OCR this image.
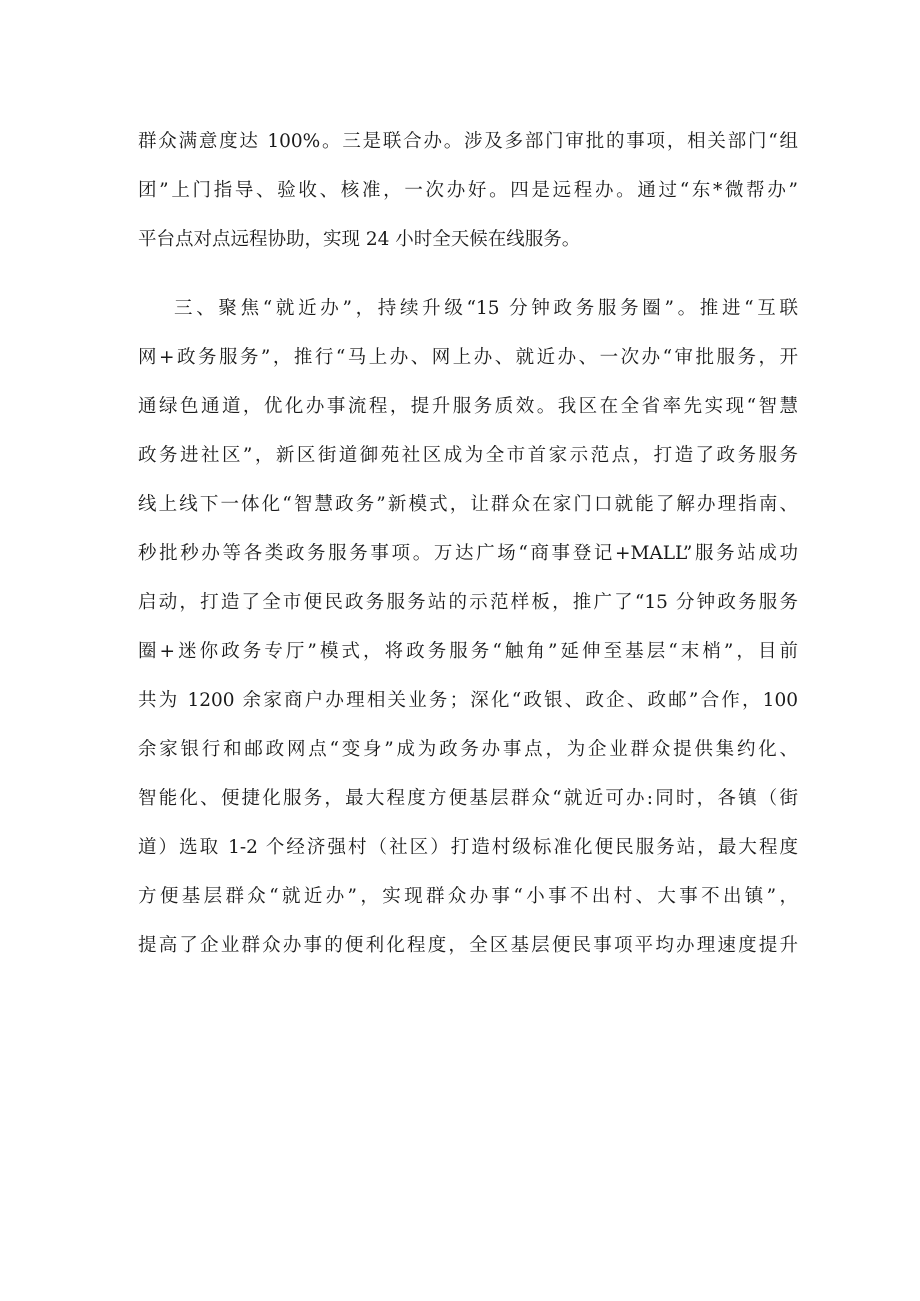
群众满意度达 100%。三是联合办。涉及多部门审批的事项，相关部门“组
团”上门指导、验收、核准，一次办好。四是远程办。通过“东*微帮办”
平台点对点远程协助，实现 24 小时全天候在线服务。
三、聚焦“就近办”，持续升级“15 分钟政务服务圈”。推进“互联
网+政务服务”，推行“马上办、网上办、就近办、一次办“审批服务，开
通绿色通道，优化办事流程，提升服务质效。我区在全省率先实现“智慧
政务进社区”，新区街道御苑社区成为全市首家示范点，打造了政务服务
线上线下一体化“智慧政务”新模式，让群众在家门口就能了解办理指南、
秒批秒办等各类政务服务事项。万达广场“商事登记+MALL”服务站成功
启动，打造了全市便民政务服务站的示范样板，推广了“15 分钟政务服务
圈+迷你政务专厅”模式，将政务服务“触角”延伸至基层“末梢”，目前
共为 1200 余家商户办理相关业务；深化“政银、政企、政邮”合作，100
余家银行和邮政网点“变身”成为政务办事点，为企业群众提供集约化、
智能化、便捷化服务，最大程度方便基层群众“就近可办:同时，各镇（街
道）选取 1-2 个经济强村（社区）打造村级标准化便民服务站，最大程度
方便基层群众“就近办”，实现群众办事“小事不出村、大事不出镇”，
提高了企业群众办事的便利化程度，全区基层便民事项平均办理速度提升
